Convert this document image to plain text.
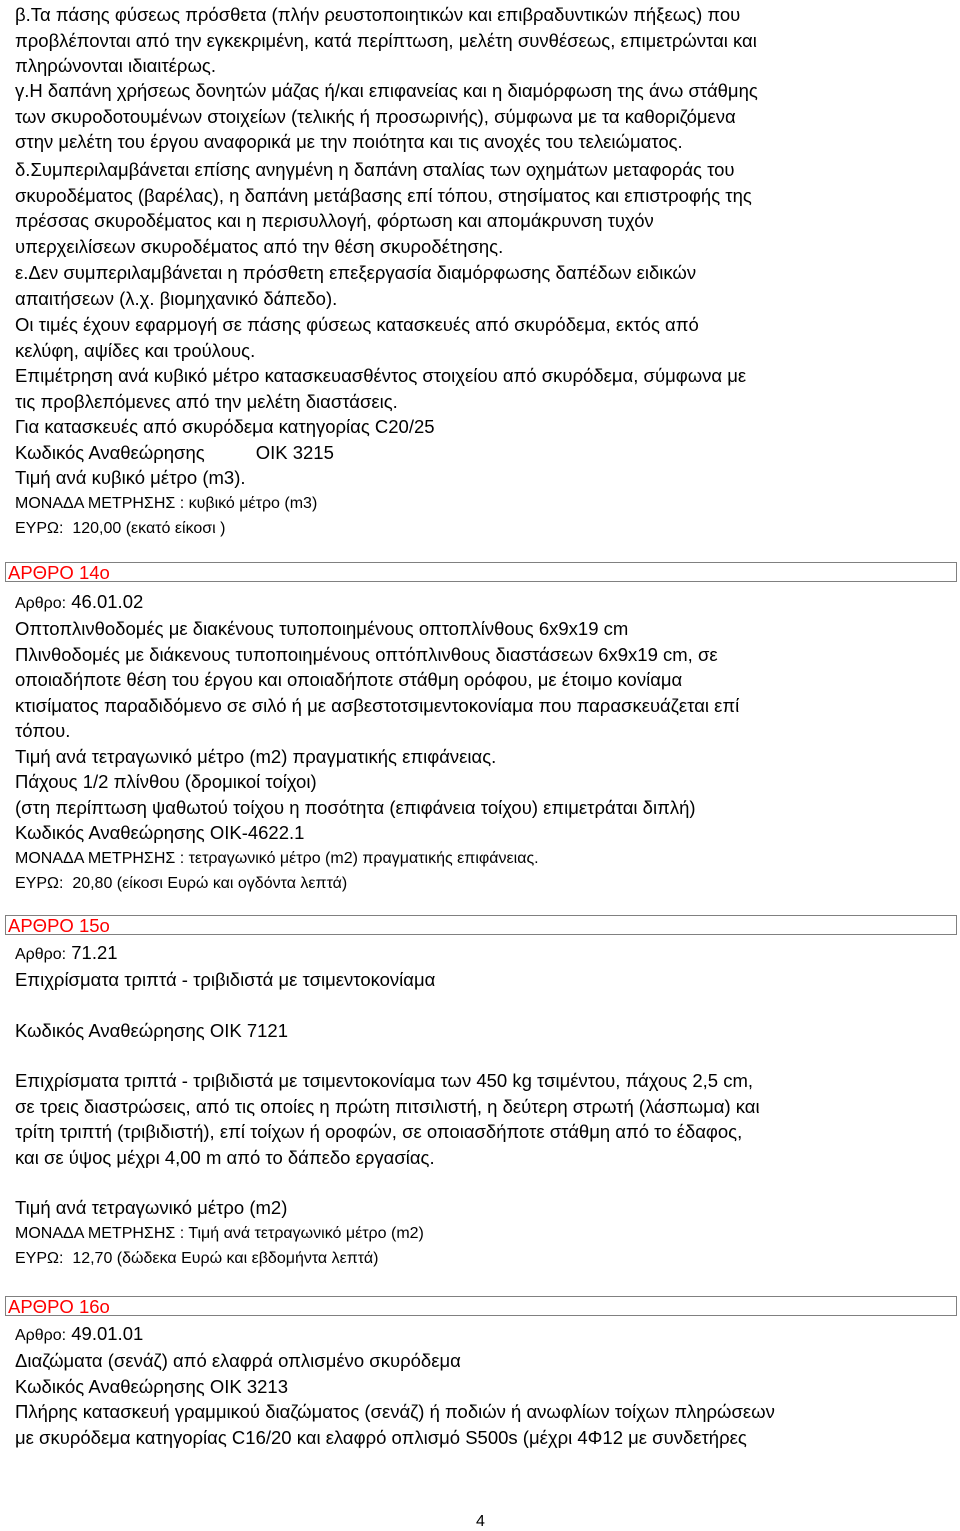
β.Τα πάσης φύσεως πρόσθετα (πλήν ρευστοποιητικών και επιβραδυντικών πήξεως) που

προβλέπονται από την εγκεκριμένη, κατά περίπτωση, μελέτη συνθέσεως, επιμετρώνται και

πληρώνονται ιδιαιτέρως.

γ.Η δαπάνη χρήσεως δονητών μάζας ή/και επιφανείας και η διαμόρφωση της άνω στάθμης

των σκυροδοτουμένων στοιχείων (τελικής ή προσωρινής), σύμφωνα με τα καθοριζόμενα

στην μελέτη του έργου αναφορικά με την ποιότητα και τις ανοχές του τελειώματος.

δ.Συμπεριλαμβάνεται επίσης ανηγμένη η δαπάνη σταλίας των οχημάτων μεταφοράς του

σκυροδέματος (βαρέλας), η δαπάνη μετάβασης επί τόπου, στησίματος και επιστροφής της

πρέσσας σκυροδέματος και η περισυλλογή, φόρτωση και απομάκρυνση τυχόν

υπερχειλίσεων σκυροδέματος από την θέση σκυροδέτησης.

ε.Δεν συμπεριλαμβάνεται η πρόσθετη επεξεργασία διαμόρφωσης δαπέδων ειδικών

απαιτήσεων (λ.χ. βιομηχανικό δάπεδο).

Οι τιμές έχουν εφαρμογή σε πάσης φύσεως κατασκευές από σκυρόδεμα, εκτός από

κελύφη, αψίδες και τρούλους.

Επιμέτρηση ανά κυβικό μέτρο κατασκευασθέντος στοιχείου από σκυρόδεμα, σύμφωνα με

τις προβλεπόμενες από την μελέτη διαστάσεις.

Για κατασκευές από σκυρόδεμα κατηγορίας C20/25

Κωδικός Αναθεώρησης	ΟΙΚ 3215

Τιμή ανά κυβικό μέτρο (m3).

ΜΟΝΑΔΑ ΜΕΤΡΗΣΗΣ : κυβικό μέτρο (m3)

ΕΥΡΩ: 120,00 (εκατό είκοσι )

ΑΡΘΡΟ 14ο

Αρθρο: 46.01.02

Οπτοπλινθοδομές με διακένους τυποποιημένους οπτοπλίνθους 6x9x19 cm

Πλινθοδομές με διάκενους τυποποιημένους οπτόπλινθους διαστάσεων 6x9x19 cm, σε

οποιαδήποτε θέση του έργου και οποιαδήποτε στάθμη ορόφου, με έτοιμο κονίαμα

κτισίματος παραδιδόμενο σε σιλό ή με ασβεστοτσιμεντοκονίαμα που παρασκευάζεται επί

τόπου.

Τιμή ανά τετραγωνικό μέτρο (m2) πραγματικής επιφάνειας.

Πάχους 1/2 πλίνθου (δρομικοί τοίχοι)

(στη περίπτωση ψαθωτού τοίχου η ποσότητα (επιφάνεια τοίχου) επιμετράται διπλή)

Κωδικός Αναθεώρησης ΟΙΚ-4622.1

ΜΟΝΑΔΑ ΜΕΤΡΗΣΗΣ : τετραγωνικό μέτρο (m2) πραγματικής επιφάνειας.

ΕΥΡΩ: 20,80 (είκοσι Ευρώ και ογδόντα λεπτά)

ΑΡΘΡΟ 15ο

Αρθρο: 71.21

Επιχρίσματα τριπτά - τριβιδιστά με τσιμεντοκονίαμα

Κωδικός Αναθεώρησης ΟΙΚ 7121

Επιχρίσματα τριπτά - τριβιδιστά με τσιμεντοκονίαμα των 450 kg τσιμέντου, πάχους 2,5 cm,

σε τρεις διαστρώσεις, από τις οποίες η πρώτη πιτσιλιστή, η δεύτερη στρωτή (λάσπωμα) και

τρίτη τριπτή (τριβιδιστή), επί τοίχων ή οροφών, σε οποιασδήποτε στάθμη από το έδαφος,

και σε ύψος μέχρι 4,00 m από το δάπεδο εργασίας.

Τιμή ανά τετραγωνικό μέτρο (m2)

ΜΟΝΑΔΑ ΜΕΤΡΗΣΗΣ : Τιμή ανά τετραγωνικό μέτρο (m2)

ΕΥΡΩ: 12,70 (δώδεκα Ευρώ και εβδομήντα λεπτά)

ΑΡΘΡΟ 16ο

Αρθρο: 49.01.01

Διαζώματα (σενάζ) από ελαφρά οπλισμένο σκυρόδεμα

Κωδικός Αναθεώρησης ΟΙΚ 3213

Πλήρης κατασκευή γραμμικού διαζώματος (σενάζ) ή ποδιών ή ανωφλίων τοίχων πληρώσεων

με σκυρόδεμα κατηγορίας C16/20 και ελαφρό οπλισμό S500s (μέχρι 4Φ12 με συνδετήρες

4
